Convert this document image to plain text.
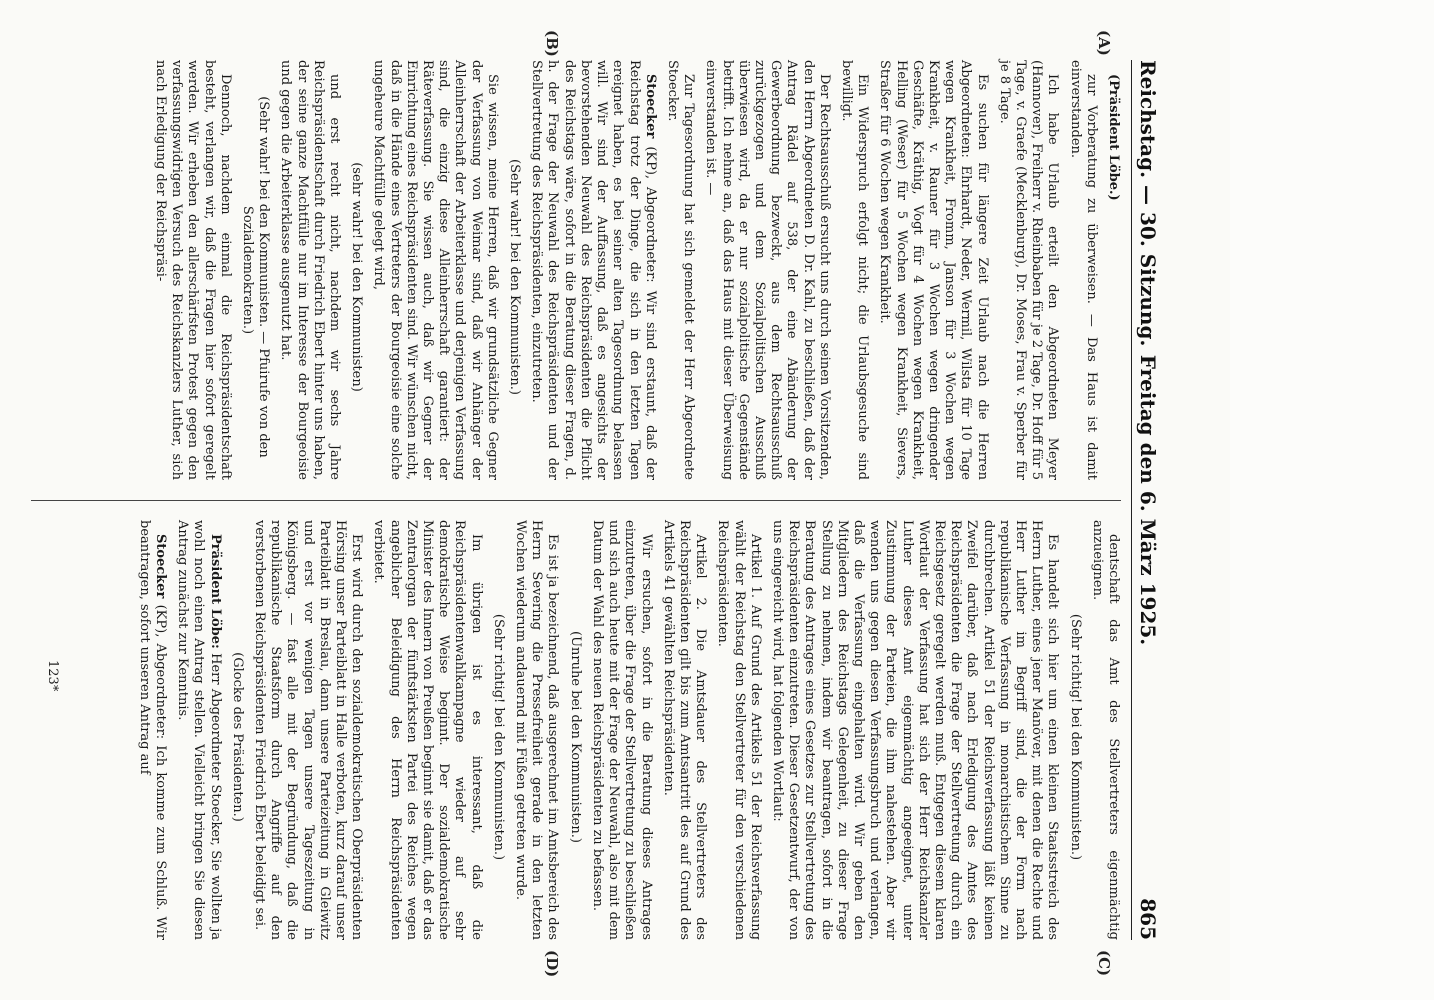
Reichstag. — 30. Sitzung.
Freitag den 6. März 1925.
865
(A)
(B)
(C)
(D)

(Präsident Löbe.)

zur Vorberatung zu überweisen. — Das Haus ist damit einverstanden.

Ich habe Urlaub erteilt den Abgeordneten Meyer (Hannover), Freiherr v. Rheinbaben für je 2 Tage, Dr. Hoff für 5 Tage, v. Graefe (Mecklenburg), Dr. Moses, Frau v. Sperber für je 8 Tage.

Es suchen für längere Zeit Urlaub nach die Herren Abgeordneten: Ehrhardt, Neder, Wermil, Wilsta für 10 Tage wegen Krankheit, Fromm, Janson für 3 Wochen wegen Krankheit, v. Rauner für 3 Wochen wegen dringender Geschäfte, Kräthig, Vogt für 4 Wochen wegen Krankheit, Helling (Weser) für 5 Wochen wegen Krankheit, Sievers, Straßer für 6 Wochen wegen Krankheit.

Ein Widerspruch erfolgt nicht; die Urlaubsgesuche sind bewilligt.

Der Rechtsausschuß ersucht uns durch seinen Vorsitzenden, den Herrn Abgeordneten D. Dr. Kahl, zu beschließen, daß der Antrag Rädel auf 538, der eine Abänderung der Gewerbeordnung bezweckt, aus dem Rechtsausschuß zurückgezogen und dem Sozialpolitischen Ausschuß überwiesen wird, da er nur sozialpolitische Gegenstände betrifft. Ich nehme an, daß das Haus mit dieser Überweisung einverstanden ist. —

Zur Tagesordnung hat sich gemeldet der Herr Abgeordnete Stoecker.

Stoecker (KP), Abgeordneter: Wir sind erstaunt, daß der Reichstag trotz der Dinge, die sich in den letzten Tagen ereignet haben, es bei seiner alten Tagesordnung belassen will. Wir sind der Auffassung, daß es angesichts der bevorstehenden Neuwahl des Reichspräsidenten die Pflicht des Reichstags wäre, sofort in die Beratung dieser Fragen, d. h. der Frage der Neuwahl des Reichspräsidenten und der Stellvertretung des Reichspräsidenten, einzutreten.

(Sehr wahr! bei den Kommunisten.)

Sie wissen, meine Herren, daß wir grundsätzliche Gegner der Verfassung von Weimar sind, daß wir Anhänger der Alleinherrschaft der Arbeiterklasse und derjenigen Verfassung sind, die einzig diese Alleinherrschaft garantiert: der Räteverfassung. Sie wissen auch, daß wir Gegner der Einrichtung eines Reichspräsidenten sind. Wir wünschen nicht, daß in die Hände eines Vertreters der Bourgeoisie eine solche ungeheure Machtfülle gelegt wird,

(sehr wahr! bei den Kommunisten)

und erst recht nicht, nachdem wir sechs Jahre Reichspräsidentschaft durch Friedrich Ebert hinter uns haben, der seine ganze Machtfülle nur im Interesse der Bourgeoisie und gegen die Arbeiterklasse ausgenutzt hat.

(Sehr wahr! bei den Kommunisten. — Pfuirufe von den Sozialdemokraten.)

Dennoch, nachdem einmal die Reichspräsidentschaft besteht, verlangen wir, daß die Fragen hier sofort geregelt werden. Wir erheben den allerschärfsten Protest gegen den verfassungswidrigen Versuch des Reichskanzlers Luther, sich nach Erledigung der Reichspräsi-

dentschaft das Amt des Stellvertreters eigenmächtig anzueignen.

(Sehr richtig! bei den Kommunisten.)

Es handelt sich hier um einen kleinen Staatsstreich des Herrn Luther, eines jener Manöver, mit denen die Rechte und Herr Luther im Begriff sind, die der Form nach republikanische Verfassung in monarchistischem Sinne zu durchbrechen. Artikel 51 der Reichsverfassung läßt keinen Zweifel darüber, daß nach Erledigung des Amtes des Reichspräsidenten die Frage der Stellvertretung durch ein Reichsgesetz geregelt werden muß. Entgegen diesem klaren Wortlaut der Verfassung hat sich der Herr Reichskanzler Luther dieses Amt eigenmächtig angeeignet, unter Zustimmung der Parteien, die ihm nahestehen. Aber wir wenden uns gegen diesen Verfassungsbruch und verlangen, daß die Verfassung eingehalten wird. Wir geben den Mitgliedern des Reichstags Gelegenheit, zu dieser Frage Stellung zu nehmen, indem wir beantragen, sofort in die Beratung des Antrages eines Gesetzes zur Stellvertretung des Reichspräsidenten einzutreten. Dieser Gesetzentwurf, der von uns eingereicht wird, hat folgenden Wortlaut:

Artikel 1. Auf Grund des Artikels 51 der Reichsverfassung wählt der Reichstag den Stellvertreter für den verschiedenen Reichspräsidenten.

Artikel 2. Die Amtsdauer des Stellvertreters des Reichspräsidenten gilt bis zum Amtsantritt des auf Grund des Artikels 41 gewählten Reichspräsidenten.

Wir ersuchen, sofort in die Beratung dieses Antrages einzutreten, über die Frage der Stellvertretung zu beschließen und sich auch heute mit der Frage der Neuwahl, also mit dem Datum der Wahl des neuen Reichspräsidenten zu befassen.

(Unruhe bei den Kommunisten.)

Es ist ja bezeichnend, daß ausgerechnet im Amtsbereich des Herrn Severing die Pressefreiheit gerade in den letzten Wochen wiederum andauernd mit Füßen getreten wurde.

(Sehr richtig! bei den Kommunisten.)

Im übrigen ist es interessant, daß die Reichspräsidentenwahlkampagne wieder auf sehr demokratische Weise beginnt. Der sozialdemokratische Minister des Innern von Preußen beginnt sie damit, daß er das Zentralorgan der fünftstärksten Partei des Reiches wegen angeblicher Beleidigung des Herrn Reichspräsidenten verbietet.

Erst wird durch den sozialdemokratischen Oberpräsidenten Hörsing unser Parteiblatt in Halle verboten, kurz darauf unser Parteiblatt in Breslau, dann unsere Parteizeitung in Gleiwitz und erst vor wenigen Tagen unsere Tageszeitung in Königsberg. — fast alle mit der Begründung, daß die republikanische Staatsform durch Angriffe auf den verstorbenen Reichspräsidenten Friedrich Ebert beleidigt sei.

(Glocke des Präsidenten.)

Präsident Löbe: Herr Abgeordneter Stoecker, Sie wollten ja wohl noch einen Antrag stellen. Vielleicht bringen Sie diesen Antrag zunächst zur Kenntnis.

Stoecker (KP), Abgeordneter: Ich komme zum Schluß. Wir beantragen, sofort unseren Antrag auf

123*
